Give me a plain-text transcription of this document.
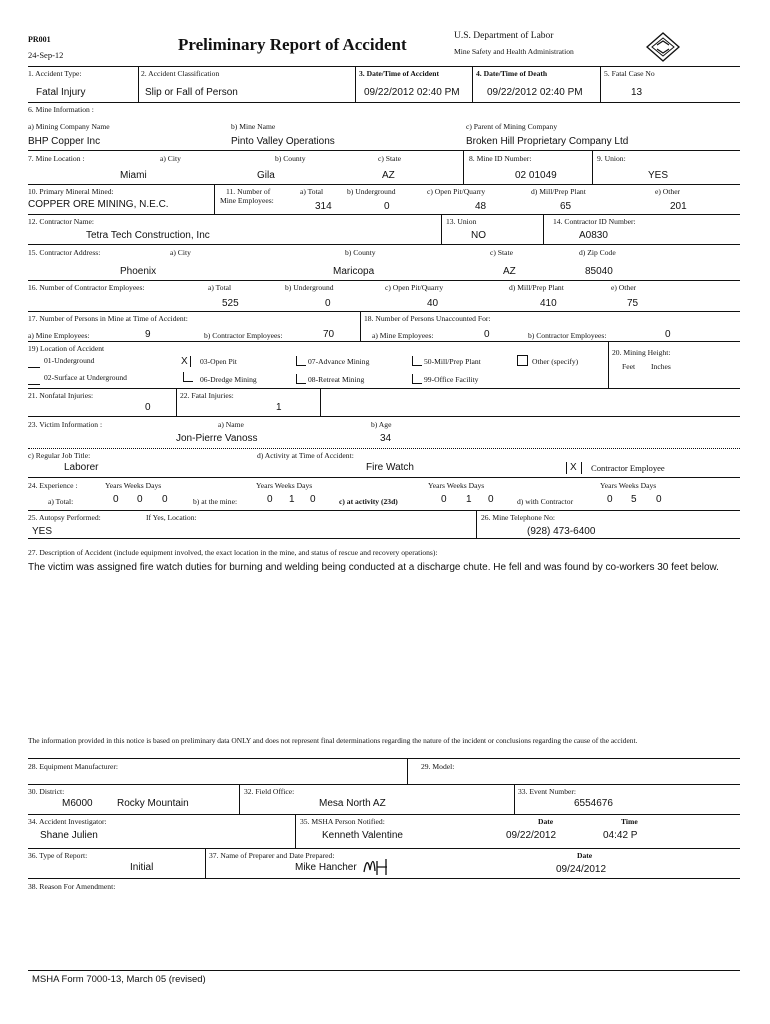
PR001
24-Sep-12
Preliminary Report of Accident	U.S. Department of Labor
Mine Safety and Health Administration
1. Accident Type:
Fatal Injury
2. Accident Classification
Slip or Fall of Person
3. Date/Time of Accident
09/22/2012 02:40 PM
4. Date/Time of Death
09/22/2012 02:40 PM
5. Fatal Case No
13
6. Mine Information :
a) Mining Company Name
BHP Copper Inc
b) Mine Name
Pinto Valley Operations
c) Parent of Mining Company
Broken Hill Proprietary Company Ltd
7. Mine Location :	a) City
Miami
b) County
Gila
c) State
AZ
8. Mine ID Number:
02 01049
9. Union:
YES
10. Primary Mineral Mined:
COPPER ORE MINING, N.E.C.
11. Number of
Mine Employees:
a) Total
314
b) Underground
0
c) Open Pit/Quarry
48
d) Mill/Prep Plant
65
e) Other
201
12. Contractor Name:
Tetra Tech Construction, Inc
13. Union
NO
14. Contractor ID Number:
A0830
15. Contractor Address:	a) City
Phoenix
b) County
Maricopa
c) State
AZ
d) Zip Code
85040
16. Number of Contractor Employees:	a) Total
525
b) Underground
0
c) Open Pit/Quarry
40
d) Mill/Prep Plant
410
e) Other
75
17. Number of Persons in Mine at Time of Accident:
a) Mine Employees:	9	b) Contractor Employees:	70
18. Number of Persons Unaccounted For:
a) Mine Employees:	0	b) Contractor Employees:	0
19) Location of Accident
01-Underground
02-Surface at Underground
X 03-Open Pit
06-Dredge Mining
07-Advance Mining
08-Retreat Mining
50-Mill/Prep Plant
99-Office Facility
Other (specify)
20. Mining Height:
Feet Inches
21. Nonfatal Injuries:
0
22. Fatal Injuries:
1
23. Victim Information :	a) Name
Jon-Pierre Vanoss
b) Age
34
c) Regular Job Title:
Laborer
d) Activity at Time of Accident:
Fire Watch	X Contractor Employee
24. Experience :	Years Weeks Days	Years Weeks Days	Years Weeks Days	Years Weeks Days
a) Total:	0 0 0	b) at the mine:	0 1 0	c) at activity (23d)	0 1 0	d) with Contractor	0 5 0
25. Autopsy Performed:
YES
If Yes, Location:	26. Mine Telephone No:
(928) 473-6400
27. Description of Accident (include equipment involved, the exact location in the mine, and status of rescue and recovery operations):
The victim was assigned fire watch duties for burning and welding being conducted at a discharge chute. He fell and was found by co-workers 30 feet below.
The information provided in this notice is based on preliminary data ONLY and does not represent final determinations regarding the nature of the incident or conclusions regarding the cause of the accident.
28. Equipment Manufacturer:	29. Model:
30. District:
M6000 Rocky Mountain
32. Field Office:
Mesa North AZ
33. Event Number:
6554676
34. Accident Investigator:
Shane Julien
35. MSHA Person Notified:
Kenneth Valentine
Date
09/22/2012
Time
04:42 P
36. Type of Report:
Initial
37. Name of Preparer and Date Prepared:
Mike Hancher
Date
09/24/2012
38. Reason For Amendment:
MSHA Form 7000-13, March 05 (revised)
